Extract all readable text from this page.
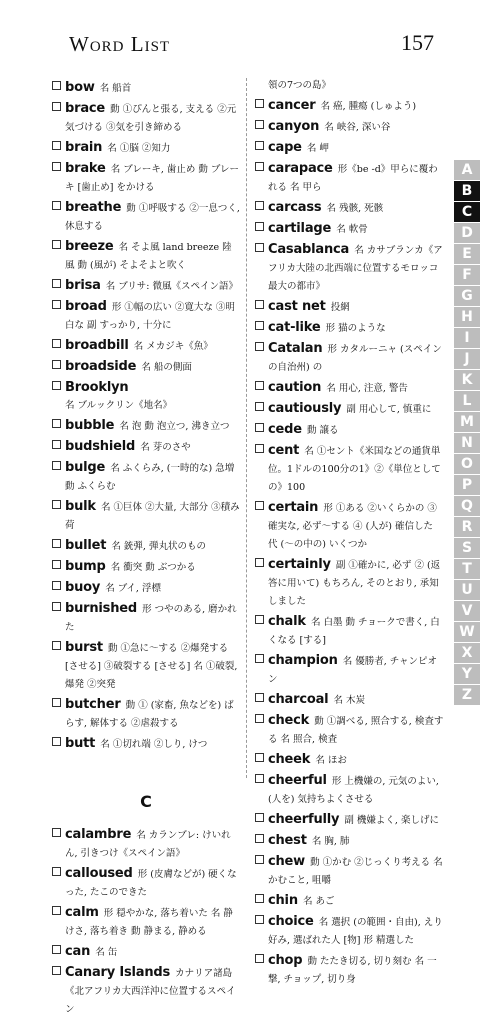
Word List	157
bow 名 船首
brace 動 ①ぴんと張る, 支える ②元気づける ③気を引き締める
brain 名 ①脳 ②知力
brake 名 ブレーキ, 歯止め 動 ブレーキ [歯止め] をかける
breathe 動 ①呼吸する ②一息つく, 休息する
breeze 名 そよ風 land breeze 陸風 動 (風が) そよそよと吹く
brisa 名 ブリサ: 微風《スペイン語》
broad 形 ①幅の広い ②寛大な ③明白な 副 すっかり, 十分に
broadbill 名 メカジキ《魚》
broadside 名 船の側面
Brooklyn 名 ブルックリン《地名》
bubble 名 泡 動 泡立つ, 沸き立つ
budshield 名 芽のさや
bulge 名 ふくらみ, (一時的な) 急増 動 ふくらむ
bulk 名 ①巨体 ②大量, 大部分 ③積み荷
bullet 名 銃弾, 弾丸状のもの
bump 名 衝突 動 ぶつかる
buoy 名 ブイ, 浮標
burnished 形 つやのある, 磨かれた
burst 動 ①急に～する ②爆発する [させる] ③破裂する [させる] 名 ①破裂, 爆発 ②突発
butcher 動 ① (家畜, 魚などを) ばらす, 解体する ②虐殺する
butt 名 ①切れ端 ②しり, けつ
C
calambre 名 カランブレ: けいれん, 引きつけ《スペイン語》
calloused 形 (皮膚などが) 硬くなった, たこのできた
calm 形 穏やかな, 落ち着いた 名 静けさ, 落ち着き 動 静まる, 静める
can 名 缶
Canary Islands カナリア諸島《北アフリカ大西洋沖に位置するスペイン
領の7つの島》
cancer 名 癌, 腫瘍 (しゅよう)
canyon 名 峡谷, 深い谷
cape 名 岬
carapace 形《be -d》甲らに覆われる 名 甲ら
carcass 名 残骸, 死骸
cartilage 名 軟骨
Casablanca 名 カサブランカ《アフリカ大陸の北西端に位置するモロッコ最大の都市》
cast net 投網
cat-like 形 猫のような
Catalan 形 カタルーニャ (スペインの自治州) の
caution 名 用心, 注意, 警告
cautiously 副 用心して, 慎重に
cede 動 譲る
cent 名 ①セント《米国などの通貨単位。1ドルの100分の1》②《単位としての》100
certain 形 ①ある ②いくらかの ③確実な, 必ず～する ④ (人が) 確信した 代 (～の中の) いくつか
certainly 副 ①確かに, 必ず ② (返答に用いて) もちろん, そのとおり, 承知しました
chalk 名 白墨 動 チョークで書く, 白くなる [する]
champion 名 優勝者, チャンピオン
charcoal 名 木炭
check 動 ①調べる, 照合する, 検査する 名 照合, 検査
cheek 名 ほお
cheerful 形 上機嫌の, 元気のよい, (人を) 気持ちよくさせる
cheerfully 副 機嫌よく, 楽しげに
chest 名 胸, 肺
chew 動 ①かむ ②じっくり考える 名 かむこと, 咀嚼
chin 名 あご
choice 名 選択 (の範囲・自由), えり好み, 選ばれた人 [物] 形 精選した
chop 動 たたき切る, 切り刻む 名 一撃, チョップ, 切り身
A
B
C
D
E
F
G
H
I
J
K
L
M
N
O
P
Q
R
S
T
U
V
W
X
Y
Z
